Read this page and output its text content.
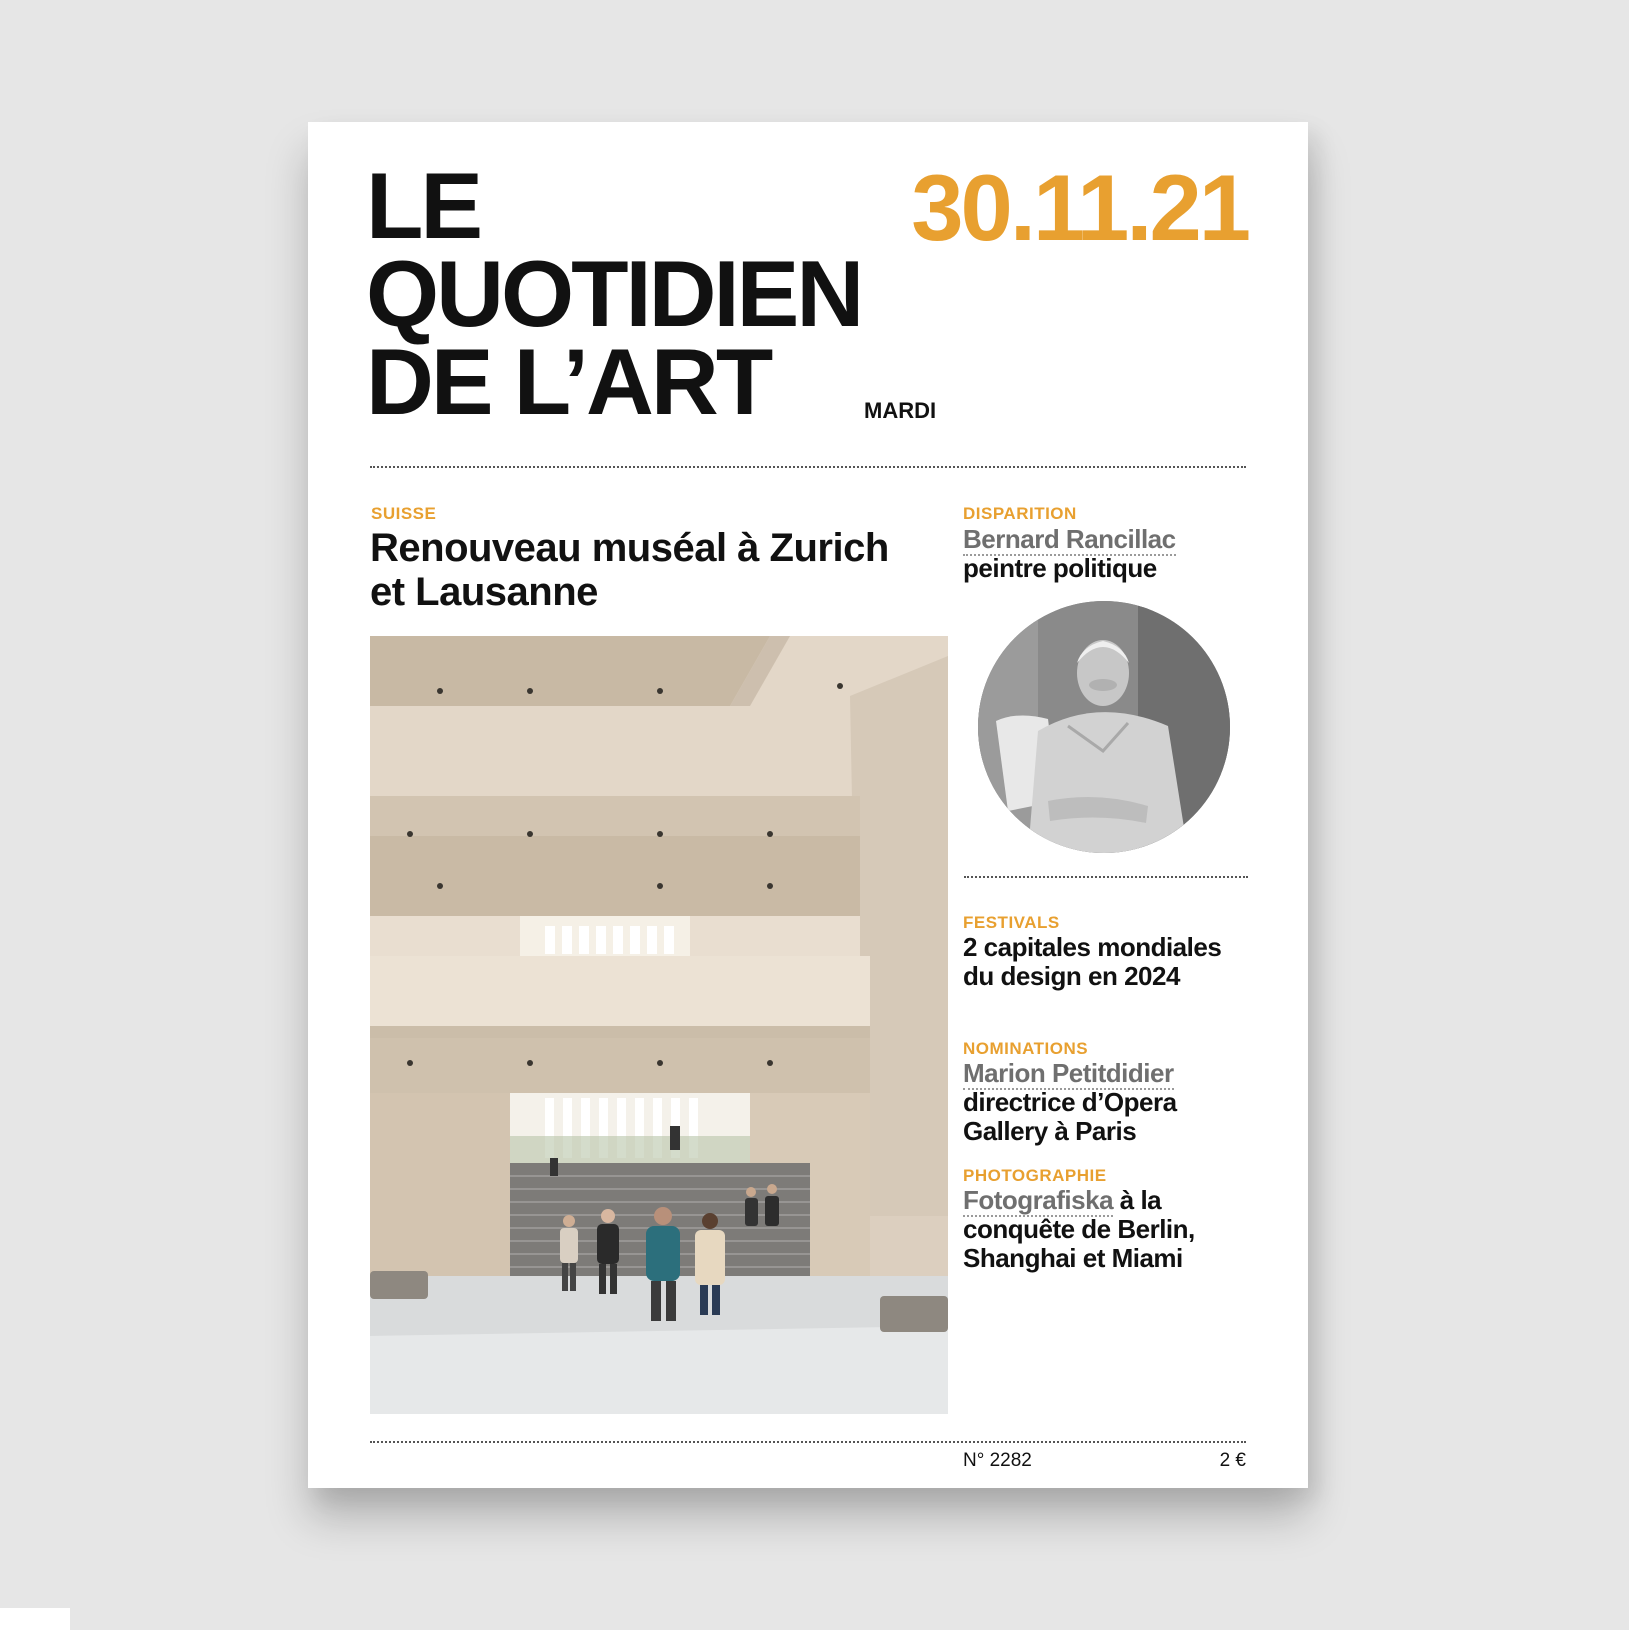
LE
QUOTIDIEN
DE L’ART
30.11.21
MARDI
SUISSE
Renouveau muséal à Zurich et Lausanne
DISPARITION
Bernard Rancillac
peintre politique
FESTIVALS
2 capitales mondiales du design en 2024
NOMINATIONS
Marion Petitdidier
directrice d’Opera Gallery à Paris
PHOTOGRAPHIE
Fotografiska à la conquête de Berlin, Shanghai et Miami
N° 2282	2 €
